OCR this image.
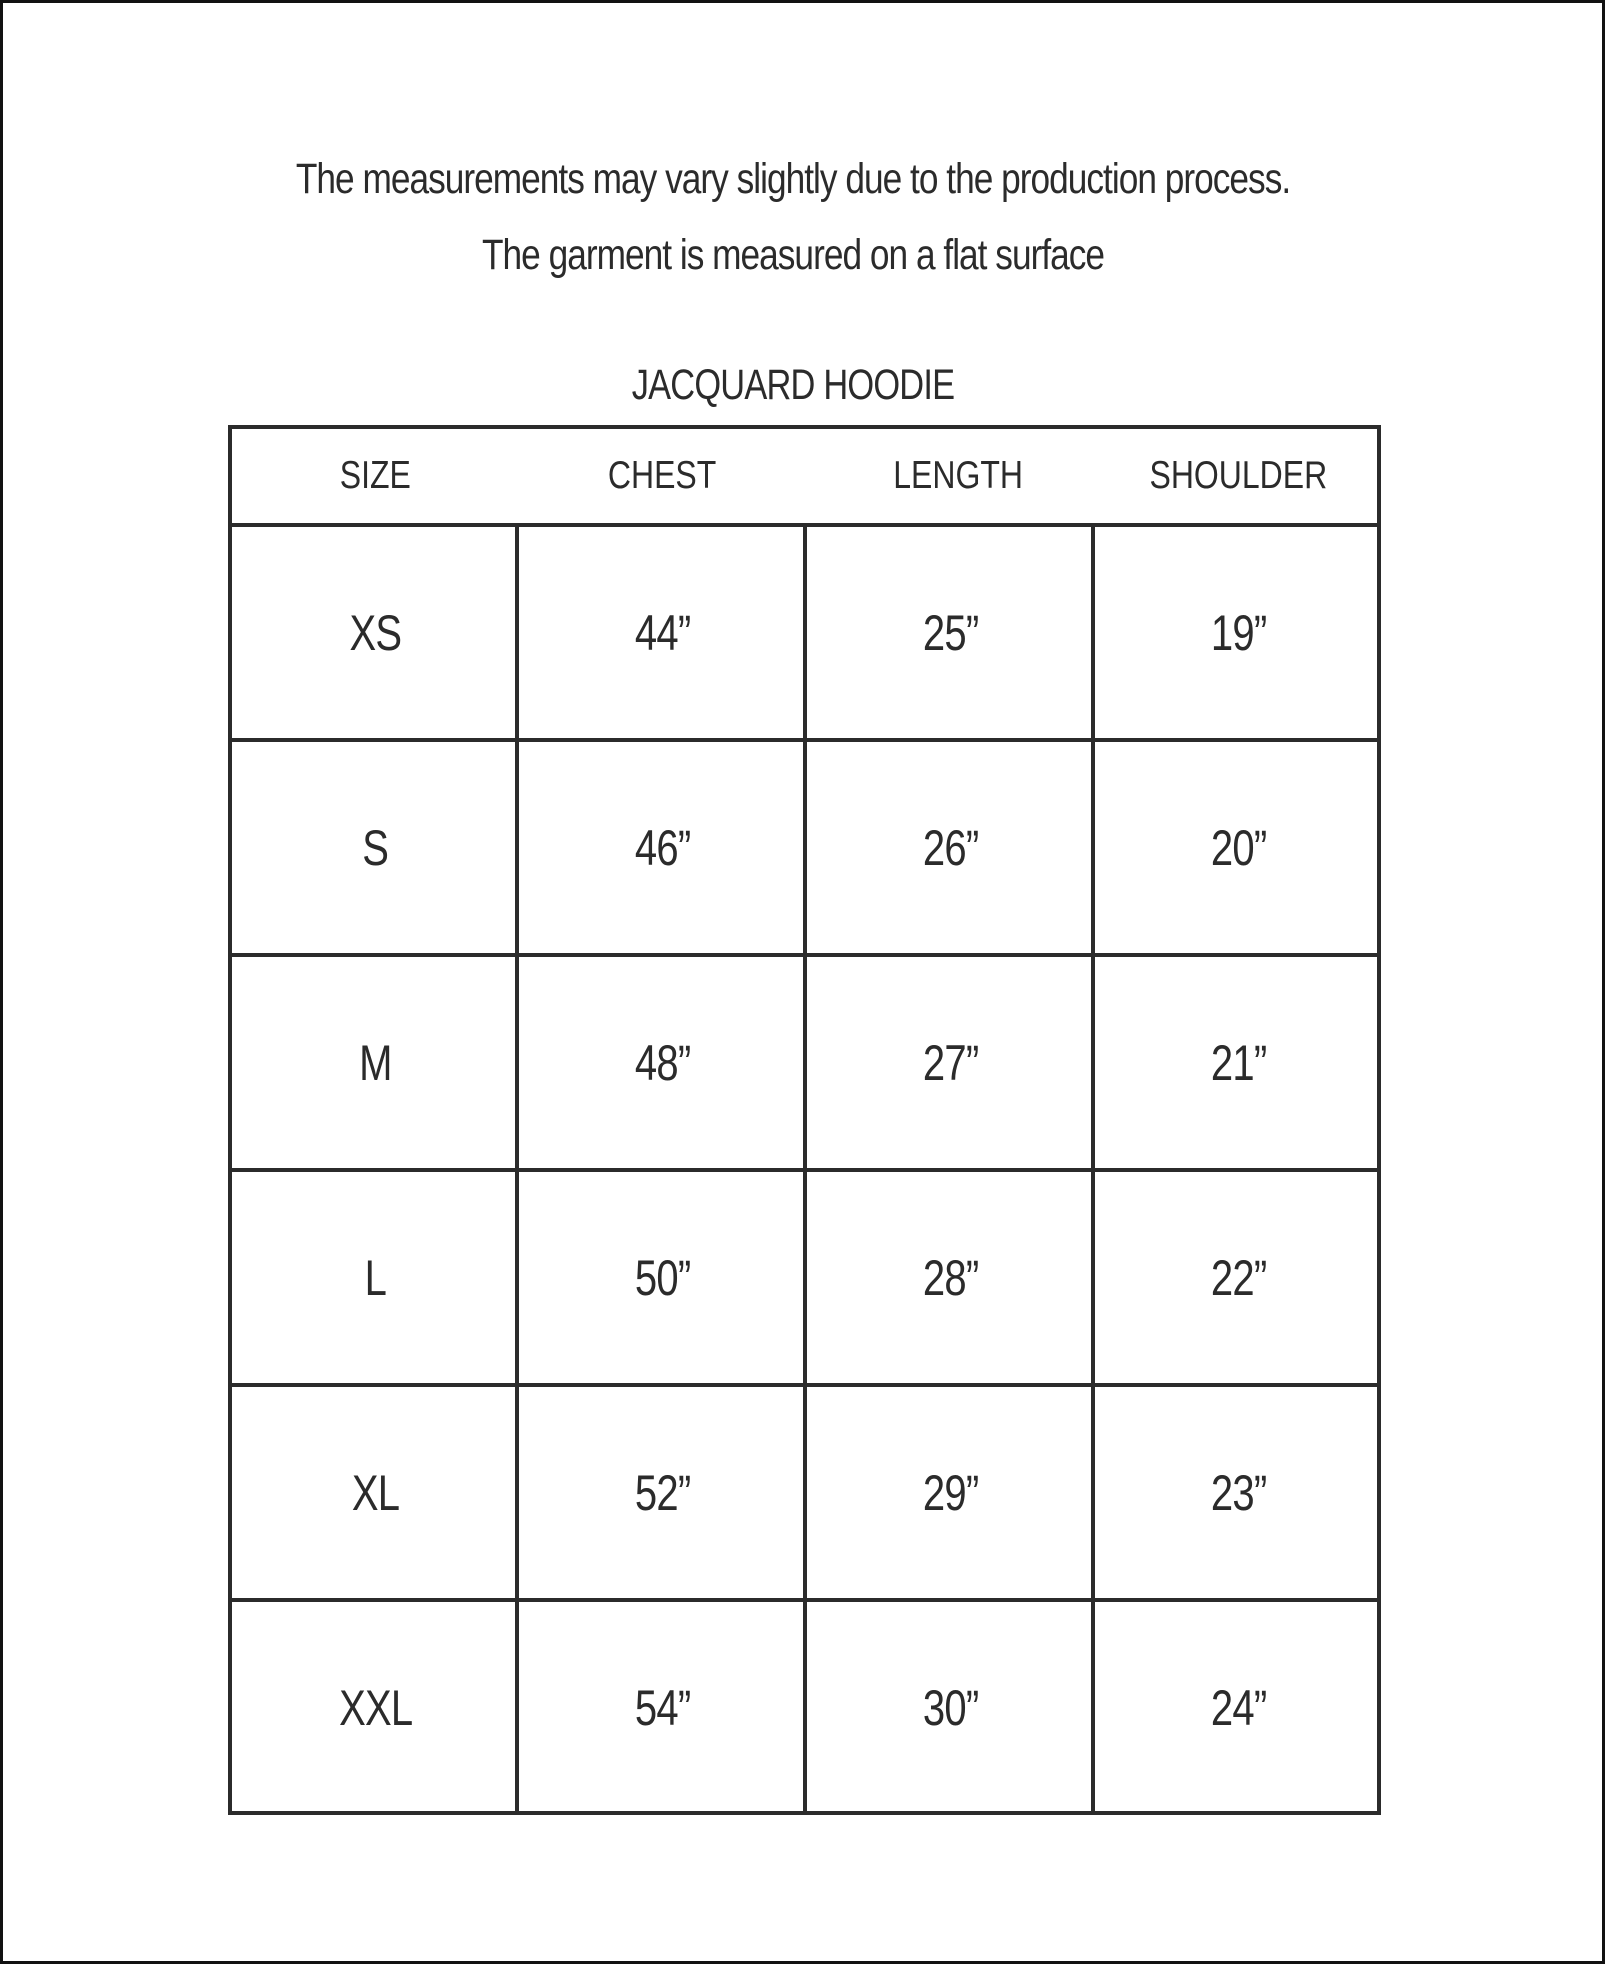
The measurements may vary slightly due to the production process.
The garment is measured on a flat surface
JACQUARD HOODIE
SIZE	CHEST	LENGTH	SHOULDER
XS	44”	25”	19”
S	46”	26”	20”
M	48”	27”	21”
L	50”	28”	22”
XL	52”	29”	23”
XXL	54”	30”	24”
